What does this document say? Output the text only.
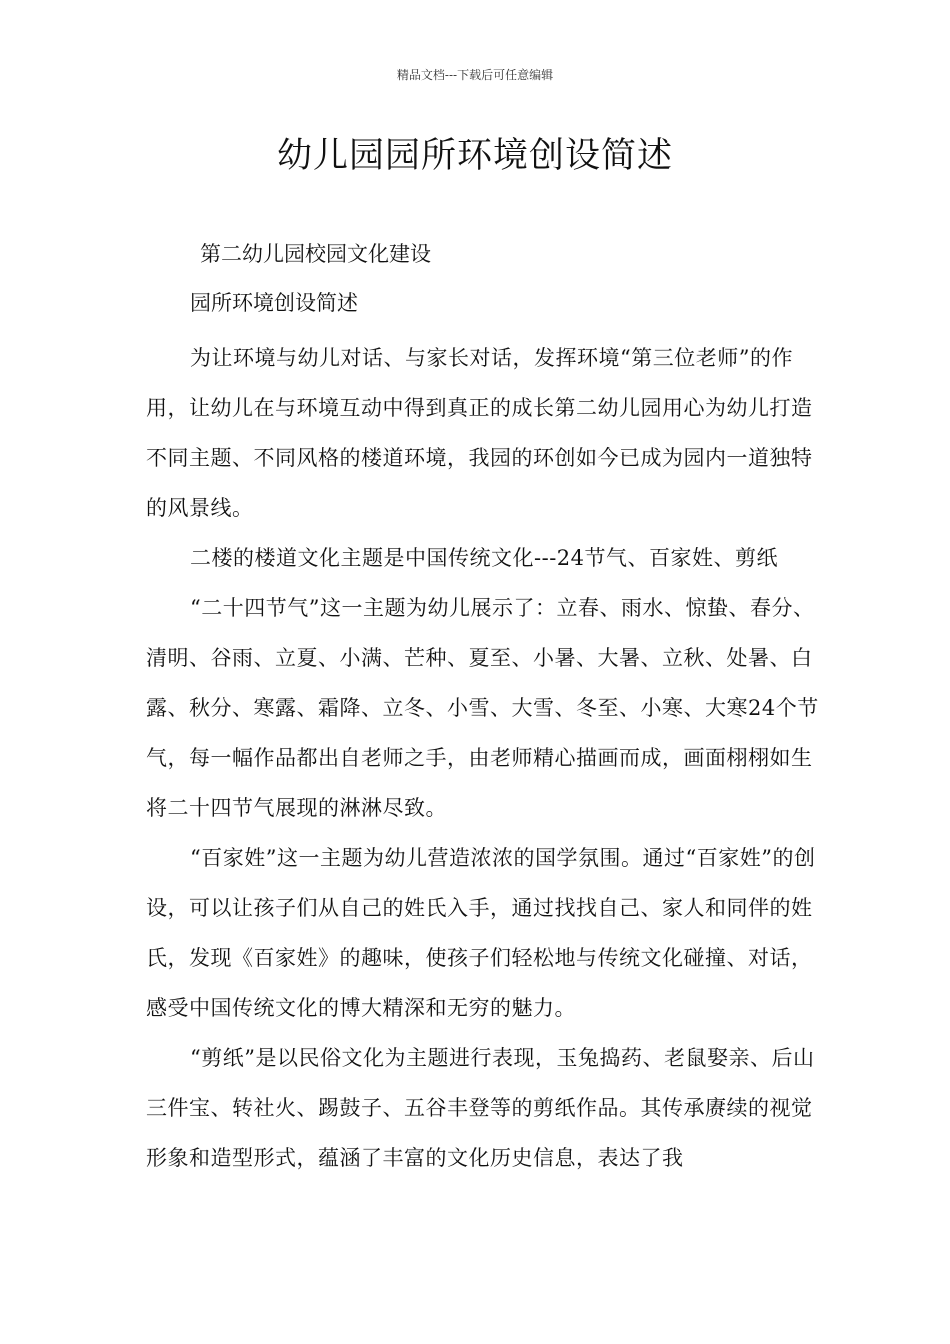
精品文档---下载后可任意编辑
幼儿园园所环境创设简述
第二幼儿园校园文化建设
园所环境创设简述

为让环境与幼儿对话、与家长对话，发挥环境“第三位老师”的作用，让幼儿在与环境互动中得到真正的成长第二幼儿园用心为幼儿打造不同主题、不同风格的楼道环境，我园的环创如今已成为园内一道独特的风景线。

二楼的楼道文化主题是中国传统文化---24节气、百家姓、剪纸

“二十四节气”这一主题为幼儿展示了：立春、雨水、惊蛰、春分、清明、谷雨、立夏、小满、芒种、夏至、小暑、大暑、立秋、处暑、白露、秋分、寒露、霜降、立冬、小雪、大雪、冬至、小寒、大寒24个节气，每一幅作品都出自老师之手，由老师精心描画而成，画面栩栩如生将二十四节气展现的淋淋尽致。

“百家姓”这一主题为幼儿营造浓浓的国学氛围。通过“百家姓”的创设，可以让孩子们从自己的姓氏入手，通过找找自己、家人和同伴的姓氏，发现《百家姓》的趣味，使孩子们轻松地与传统文化碰撞、对话，感受中国传统文化的博大精深和无穷的魅力。

“剪纸”是以民俗文化为主题进行表现，玉兔捣药、老鼠娶亲、后山三件宝、转社火、踢鼓子、五谷丰登等的剪纸作品。其传承赓续的视觉形象和造型形式，蕴涵了丰富的文化历史信息，表达了我
